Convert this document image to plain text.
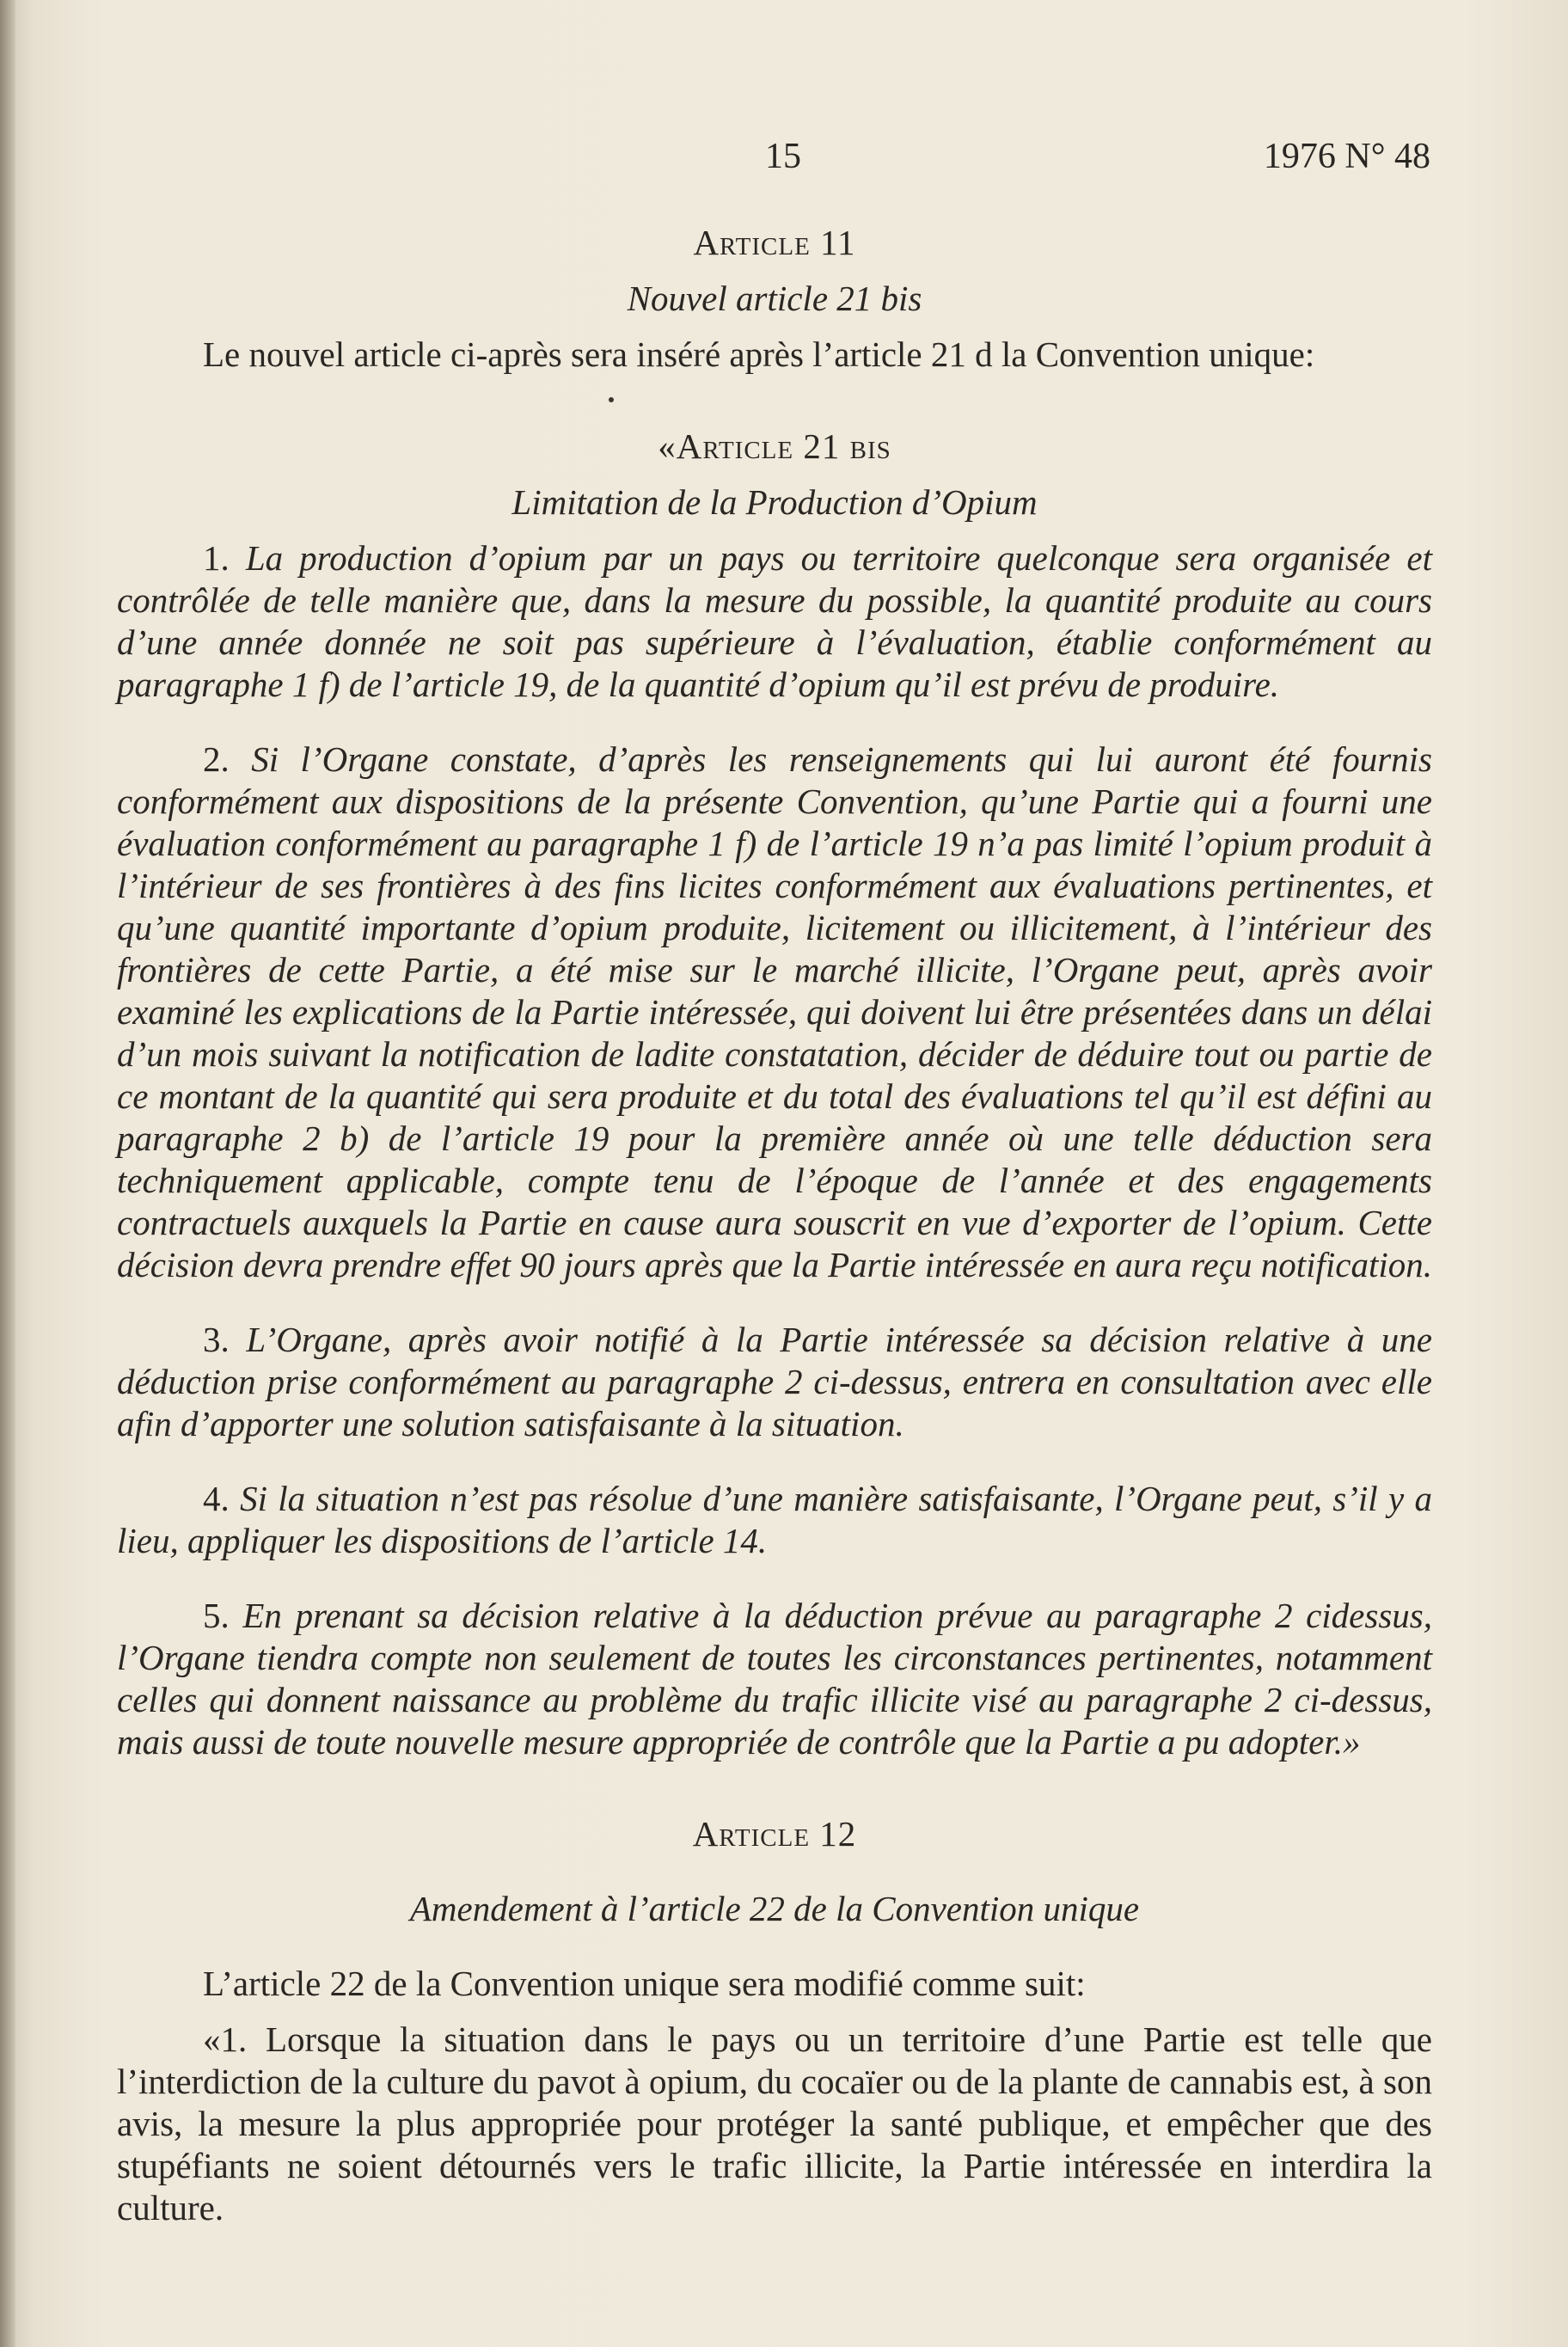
15	1976 N° 48

Article 11

Nouvel article 21 bis

Le nouvel article ci-après sera inséré après l’article 21 d la Convention unique:

«Article 21 bis

Limitation de la Production d’Opium

1. La production d’opium par un pays ou territoire quelconque sera organisée et contrôlée de telle manière que, dans la mesure du possible, la quantité produite au cours d’une année donnée ne soit pas supérieure à l’évaluation, établie conformément au paragraphe 1 f) de l’article 19, de la quantité d’opium qu’il est prévu de produire.

2. Si l’Organe constate, d’après les renseignements qui lui auront été fournis conformément aux dispositions de la présente Convention, qu’une Partie qui a fourni une évaluation conformément au paragraphe 1 f) de l’article 19 n’a pas limité l’opium produit à l’intérieur de ses frontières à des fins licites conformément aux évaluations pertinentes, et qu’une quantité importante d’opium produite, licitement ou illicitement, à l’intérieur des frontières de cette Partie, a été mise sur le marché illicite, l’Organe peut, après avoir examiné les explications de la Partie intéressée, qui doivent lui être présentées dans un délai d’un mois suivant la notification de ladite constatation, décider de déduire tout ou partie de ce montant de la quantité qui sera produite et du total des évaluations tel qu’il est défini au paragraphe 2 b) de l’article 19 pour la première année où une telle déduction sera techniquement applicable, compte tenu de l’époque de l’année et des engagements contractuels auxquels la Partie en cause aura souscrit en vue d’exporter de l’opium. Cette décision devra prendre effet 90 jours après que la Partie intéressée en aura reçu notification.

3. L’Organe, après avoir notifié à la Partie intéressée sa décision relative à une déduction prise conformément au paragraphe 2 ci-dessus, entrera en consultation avec elle afin d’apporter une solution satisfaisante à la situation.

4. Si la situation n’est pas résolue d’une manière satisfaisante, l’Organe peut, s’il y a lieu, appliquer les dispositions de l’article 14.

5. En prenant sa décision relative à la déduction prévue au paragraphe 2 cidessus, l’Organe tiendra compte non seulement de toutes les circonstances pertinentes, notamment celles qui donnent naissance au problème du trafic illicite visé au paragraphe 2 ci-dessus, mais aussi de toute nouvelle mesure appropriée de contrôle que la Partie a pu adopter.»

Article 12

Amendement à l’article 22 de la Convention unique

L’article 22 de la Convention unique sera modifié comme suit:

«1. Lorsque la situation dans le pays ou un territoire d’une Partie est telle que l’interdiction de la culture du pavot à opium, du cocaïer ou de la plante de cannabis est, à son avis, la mesure la plus appropriée pour protéger la santé publique, et empêcher que des stupéfiants ne soient détournés vers le trafic illicite, la Partie intéressée en interdira la culture.
